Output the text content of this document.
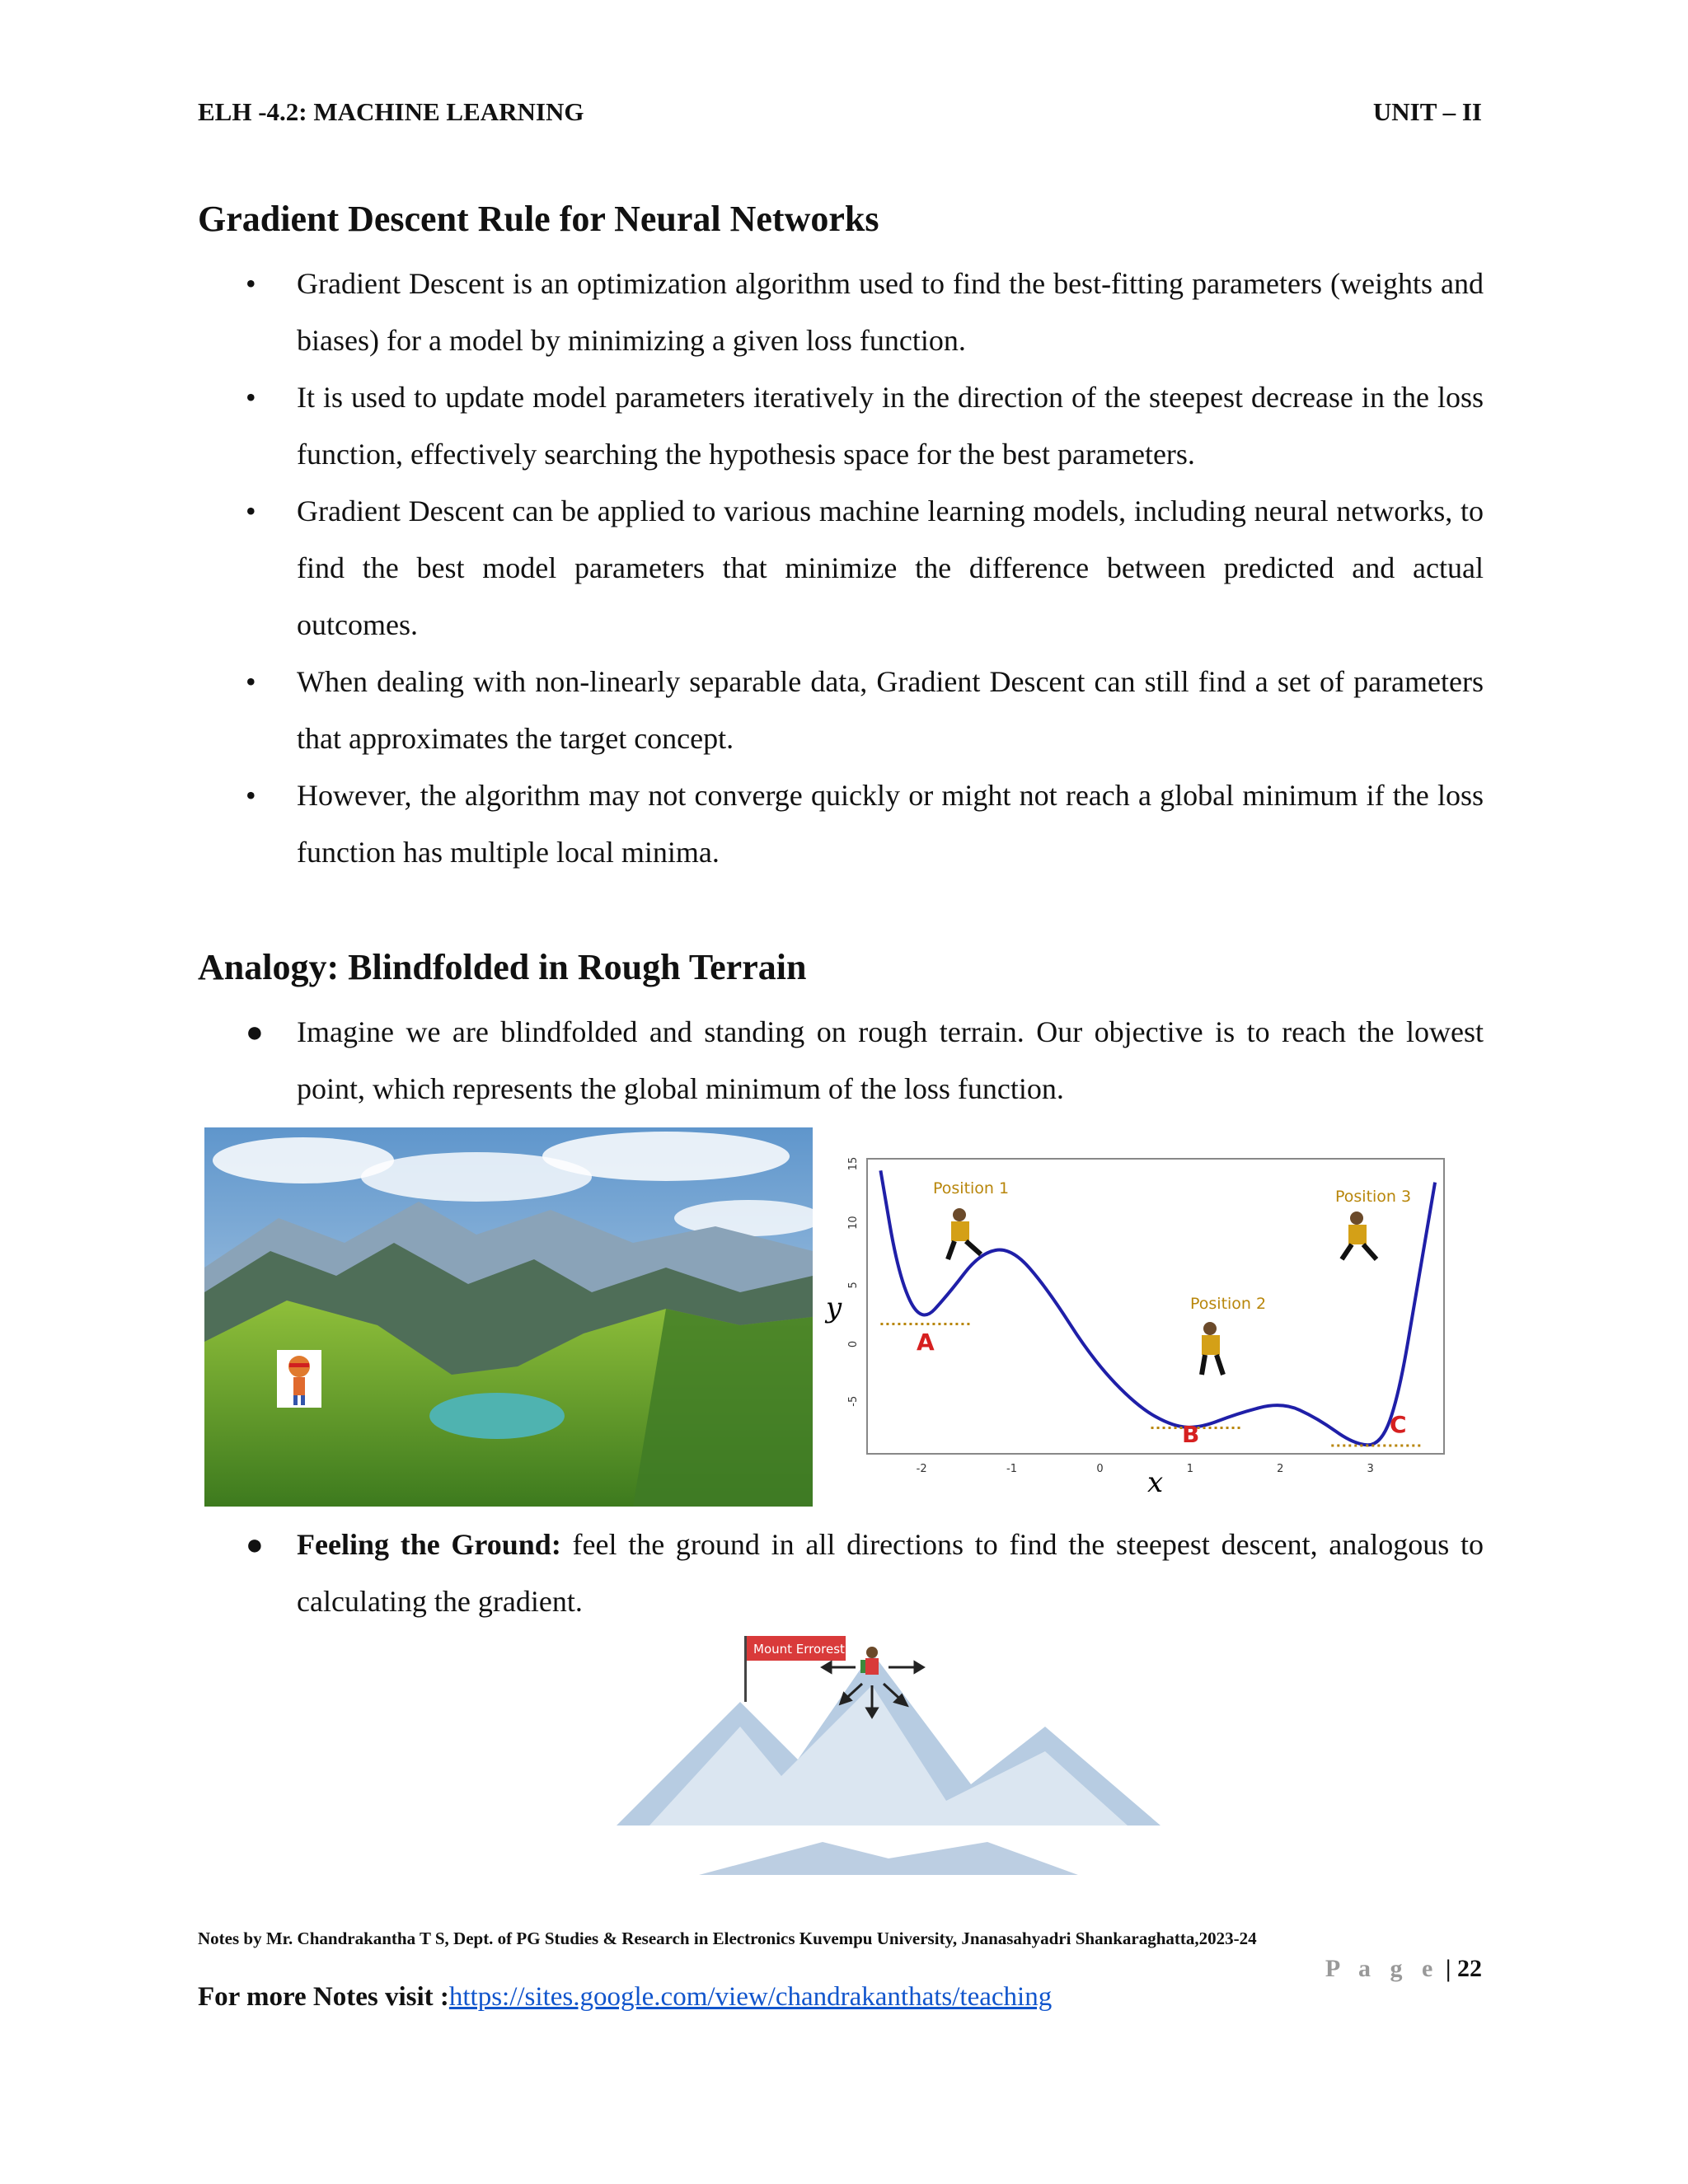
ELH -4.2: MACHINE LEARNING	UNIT – II
Gradient Descent Rule for Neural Networks
• Gradient Descent is an optimization algorithm used to find the best-fitting parameters (weights and biases) for a model by minimizing a given loss function.
• It is used to update model parameters iteratively in the direction of the steepest decrease in the loss function, effectively searching the hypothesis space for the best parameters.
• Gradient Descent can be applied to various machine learning models, including neural networks, to find the best model parameters that minimize the difference between predicted and actual outcomes.
• When dealing with non-linearly separable data, Gradient Descent can still find a set of parameters that approximates the target concept.
• However, the algorithm may not converge quickly or might not reach a global minimum if the loss function has multiple local minima.
Analogy: Blindfolded in Rough Terrain
● Imagine we are blindfolded and standing on rough terrain. Our objective is to reach the lowest point, which represents the global minimum of the loss function.
-5
0
5
10
15
-2	-1	0	1	2	3
y
x
Position 1
Position 2
Position 3
A
B	C
● Feeling the Ground: feel the ground in all directions to find the steepest descent, analogous to calculating the gradient.
Mount Errorest
Notes by Mr. Chandrakantha T S, Dept. of PG Studies & Research in Electronics Kuvempu University, Jnanasahyadri Shankaraghatta,2023-24
P a g e | 22
For more Notes visit :https://sites.google.com/view/chandrakanthats/teaching
